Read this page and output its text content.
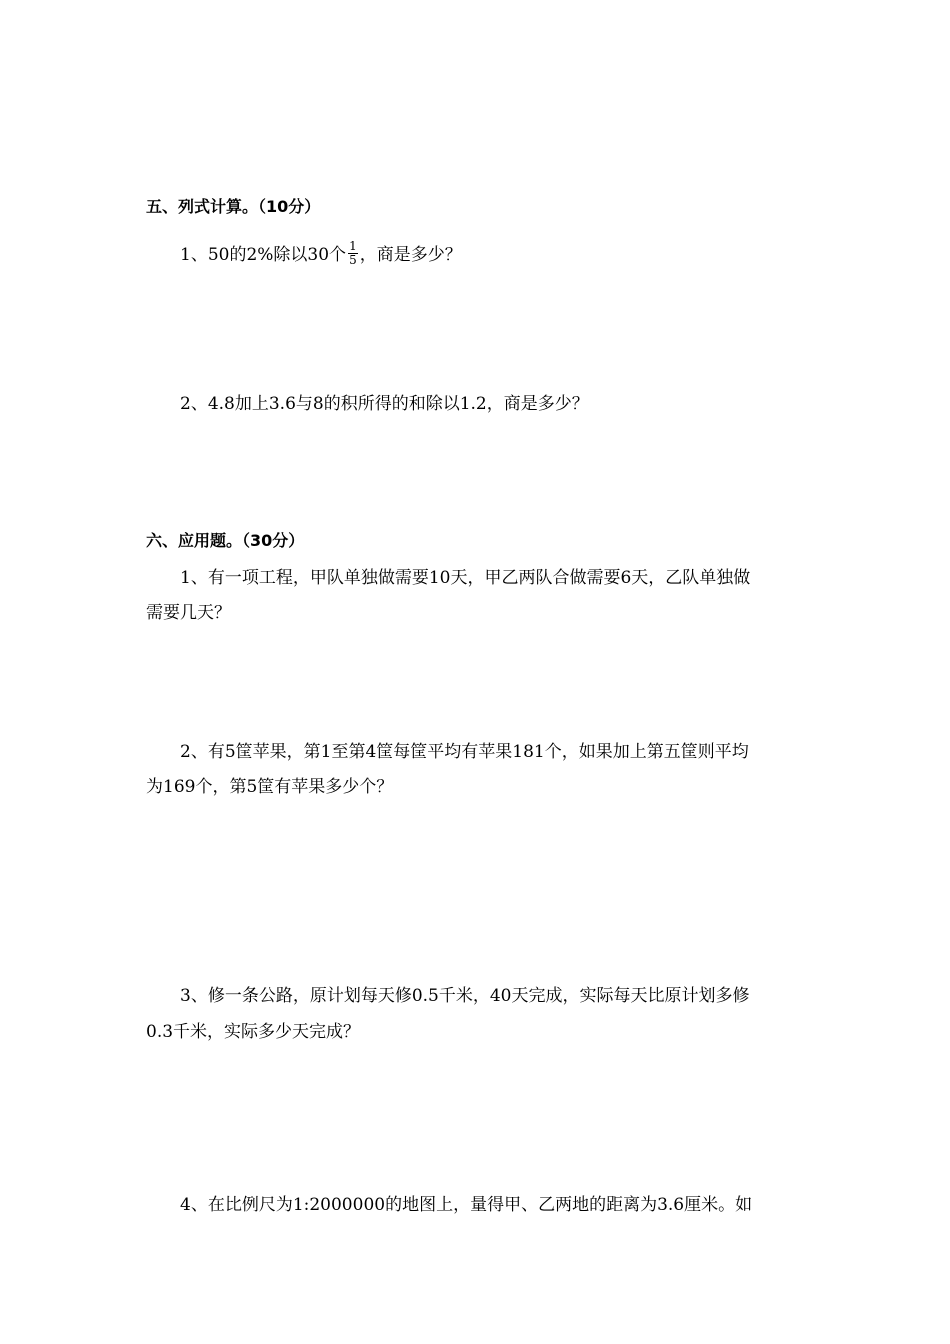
五、列式计算。（10分）
1、50的2%除以30个 $\frac{1}{5}$ ，商是多少？
2、4.8加上3.6与8的积所得的和除以1.2，商是多少？
六、应用题。（30分）
1、有一项工程，甲队单独做需要10天，甲乙两队合做需要6天，乙队单独做
需要几天？
2、有5筐苹果，第1至第4筐每筐平均有苹果181个，如果加上第五筐则平均
为169个，第5筐有苹果多少个？
3、修一条公路，原计划每天修0.5千米，40天完成，实际每天比原计划多修
0.3千米，实际多少天完成？
4、在比例尺为1:2000000的地图上，量得甲、乙两地的距离为3.6厘米。如
